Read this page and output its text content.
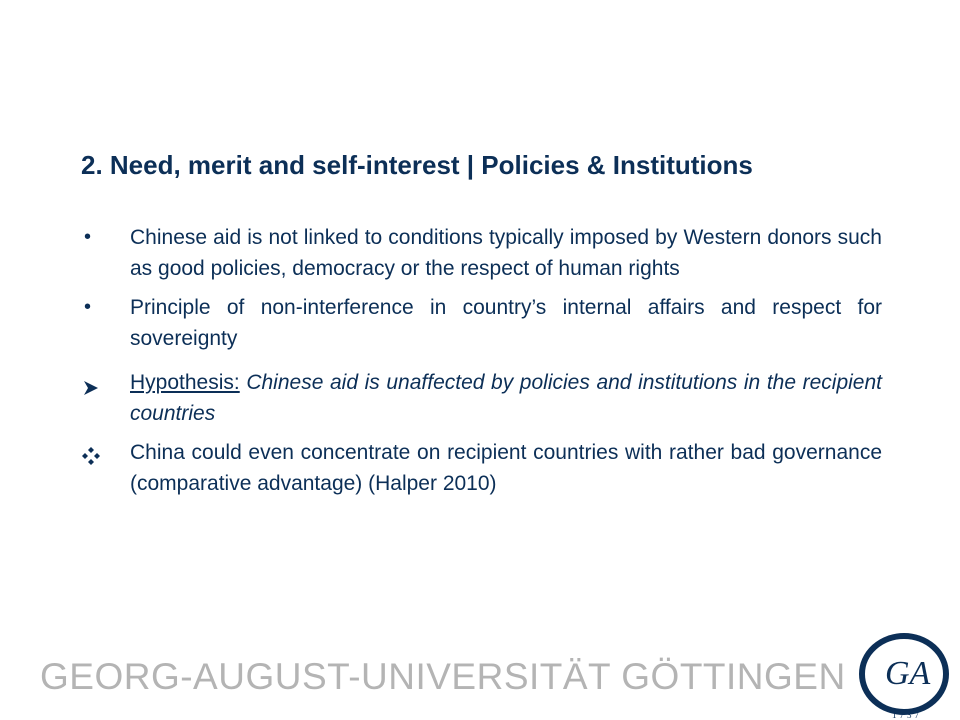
2. Need, merit and self-interest | Policies & Institutions
•	Chinese aid is not linked to conditions typically imposed by Western donors such as good policies, democracy or the respect of human rights
•	Principle of non-interference in country’s internal affairs and respect for sovereignty
Hypothesis: Chinese aid is unaffected by policies and institutions in the recipient countries
China could even concentrate on recipient countries with rather bad governance (comparative advantage) (Halper 2010)
GEORG-AUGUST-UNIVERSITÄT GÖTTINGEN	GA
1737
